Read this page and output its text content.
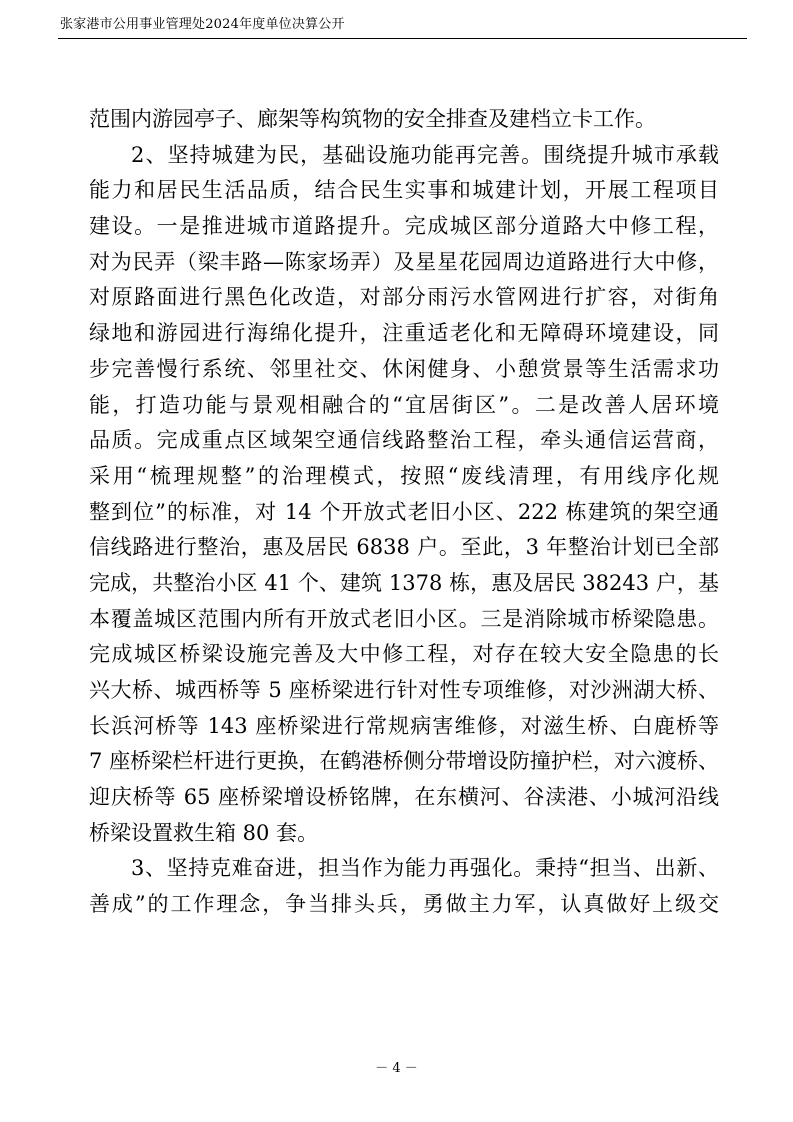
张家港市公用事业管理处2024年度单位决算公开
范围内游园亭子、廊架等构筑物的安全排查及建档立卡工作。
2、坚持城建为民，基础设施功能再完善。围绕提升城市承载
能力和居民生活品质，结合民生实事和城建计划，开展工程项目
建设。一是推进城市道路提升。完成城区部分道路大中修工程，
对为民弄（梁丰路—陈家场弄）及星星花园周边道路进行大中修，
对原路面进行黑色化改造，对部分雨污水管网进行扩容，对街角
绿地和游园进行海绵化提升，注重适老化和无障碍环境建设，同
步完善慢行系统、邻里社交、休闲健身、小憩赏景等生活需求功
能，打造功能与景观相融合的“宜居街区”。二是改善人居环境
品质。完成重点区域架空通信线路整治工程，牵头通信运营商，
采用“梳理规整”的治理模式，按照“废线清理，有用线序化规
整到位”的标准，对 14 个开放式老旧小区、222 栋建筑的架空通
信线路进行整治，惠及居民 6838 户。至此，3 年整治计划已全部
完成，共整治小区 41 个、建筑 1378 栋，惠及居民 38243 户，基
本覆盖城区范围内所有开放式老旧小区。三是消除城市桥梁隐患。
完成城区桥梁设施完善及大中修工程，对存在较大安全隐患的长
兴大桥、城西桥等 5 座桥梁进行针对性专项维修，对沙洲湖大桥、
长浜河桥等 143 座桥梁进行常规病害维修，对滋生桥、白鹿桥等
7 座桥梁栏杆进行更换，在鹤港桥侧分带增设防撞护栏，对六渡桥、
迎庆桥等 65 座桥梁增设桥铭牌，在东横河、谷渎港、小城河沿线
桥梁设置救生箱 80 套。
3、坚持克难奋进，担当作为能力再强化。秉持“担当、出新、
善成”的工作理念，争当排头兵，勇做主力军，认真做好上级交
－ 4 －
